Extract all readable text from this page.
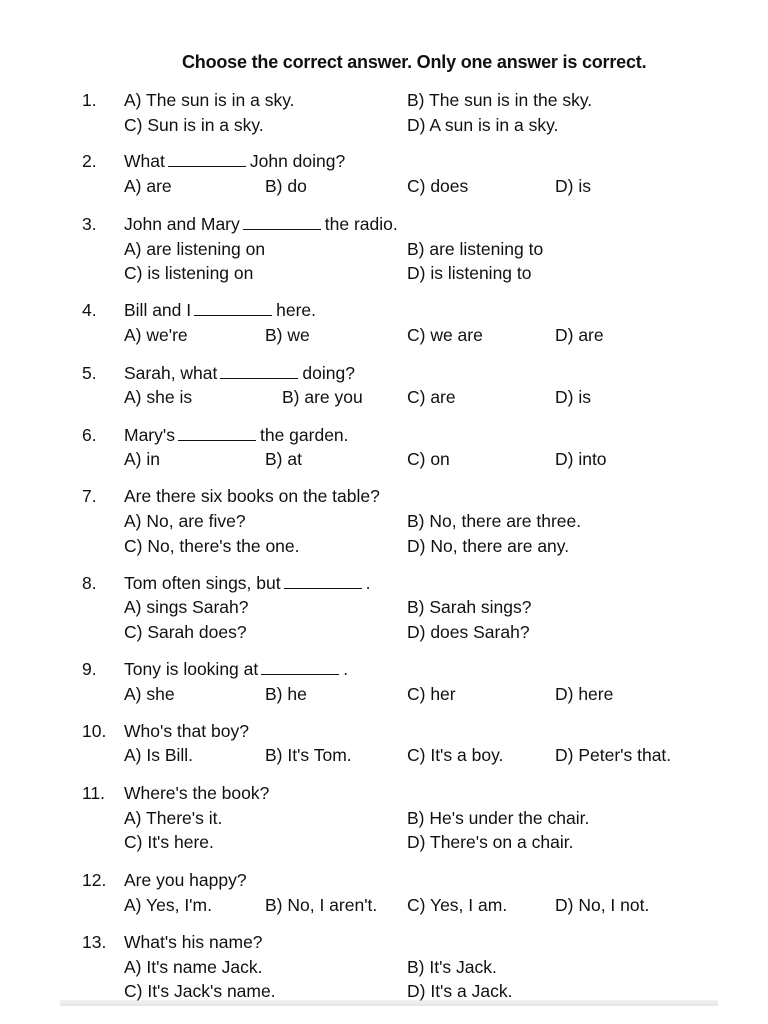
Choose the correct answer. Only one answer is correct.
1. A) The sun is in a sky.	B) The sun is in the sky.
C) Sun is in a sky.	D) A sun is in a sky.
2. What	John doing?
A) are	B) do	C) does	D) is
3. John and Mary	the radio.
A) are listening on	B) are listening to
C) is listening on	D) is listening to
4. Bill and I	here.
A) we're	B) we	C) we are	D) are
5. Sarah, what	doing?
A) she is	B) are you	C) are	D) is
6. Mary's	the garden.
A) in	B) at	C) on	D) into
7. Are there six books on the table?
A) No, are five?	B) No, there are three.
C) No, there's the one.	D) No, there are any.
8. Tom often sings, but	.
A) sings Sarah?	B) Sarah sings?
C) Sarah does?	D) does Sarah?
9. Tony is looking at	.
A) she	B) he	C) her	D) here
10. Who's that boy?
A) Is Bill.	B) It's Tom.	C) It's a boy.	D) Peter's that.
11. Where's the book?
A) There's it.	B) He's under the chair.
C) It's here.	D) There's on a chair.
12. Are you happy?
A) Yes, I'm.	B) No, I aren't. C) Yes, I am.	D) No, I not.
13. What's his name?
A) It's name Jack.	B) It's Jack.
C) It's Jack's name.	D) It's a Jack.
